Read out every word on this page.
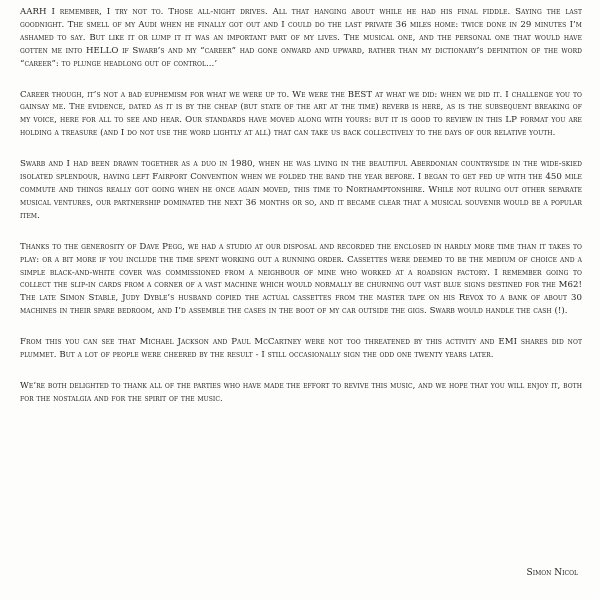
AARH I remember, I try not to. Those all-night drives. All that hanging about while he had his final fiddle. Saying the last goodnight. The smell of my Audi when he finally got out and I could do the last private 36 miles home: twice done in 29 minutes I’m ashamed to say. But like it or lump it it was an important part of my lives. The musical one, and the personal one that would have gotten me into HELLO if Swarb’s and my “career” had gone onward and upward, rather than my dictionary’s definition of the word “career”: to plunge headlong out of control...’

Career though, it’s not a bad euphemism for what we were up to. We were the BEST at what we did: when we did it. I challenge you to gainsay me. The evidence, dated as it is by the cheap (but state of the art at the time) reverb is here, as is the subsequent breaking of my voice, here for all to see and hear. Our standards have moved along with yours: but it is good to review in this LP format you are holding a treasure (and I do not use the word lightly at all) that can take us back collectively to the days of our relative youth.

Swarb and I had been drawn together as a duo in 1980, when he was living in the beautiful Aberdonian countryside in the wide-skied isolated splendour, having left Fairport Convention when we folded the band the year before. I began to get fed up with the 450 mile commute and things really got going when he once again moved, this time to Northamptonshire. While not ruling out other separate musical ventures, our partnership dominated the next 36 months or so, and it became clear that a musical souvenir would be a popular item.

Thanks to the generosity of Dave Pegg, we had a studio at our disposal and recorded the enclosed in hardly more time than it takes to play: or a bit more if you include the time spent working out a running order. Cassettes were deemed to be the medium of choice and a simple black-and-white cover was commissioned from a neighbour of mine who worked at a roadsign factory. I remember going to collect the slip-in cards from a corner of a vast machine which would normally be churning out vast blue signs destined for the M62! The late Simon Stable, Judy Dyble’s husband copied the actual cassettes from the master tape on his Revox to a bank of about 30 machines in their spare bedroom, and I’d assemble the cases in the boot of my car outside the gigs. Swarb would handle the cash (!).

From this you can see that Michael Jackson and Paul McCartney were not too threatened by this activity and EMI shares did not plummet. But a lot of people were cheered by the result - I still occasionally sign the odd one twenty years later.

We’re both delighted to thank all of the parties who have made the effort to revive this music, and we hope that you will enjoy it, both for the nostalgia and for the spirit of the music.

Simon Nicol
